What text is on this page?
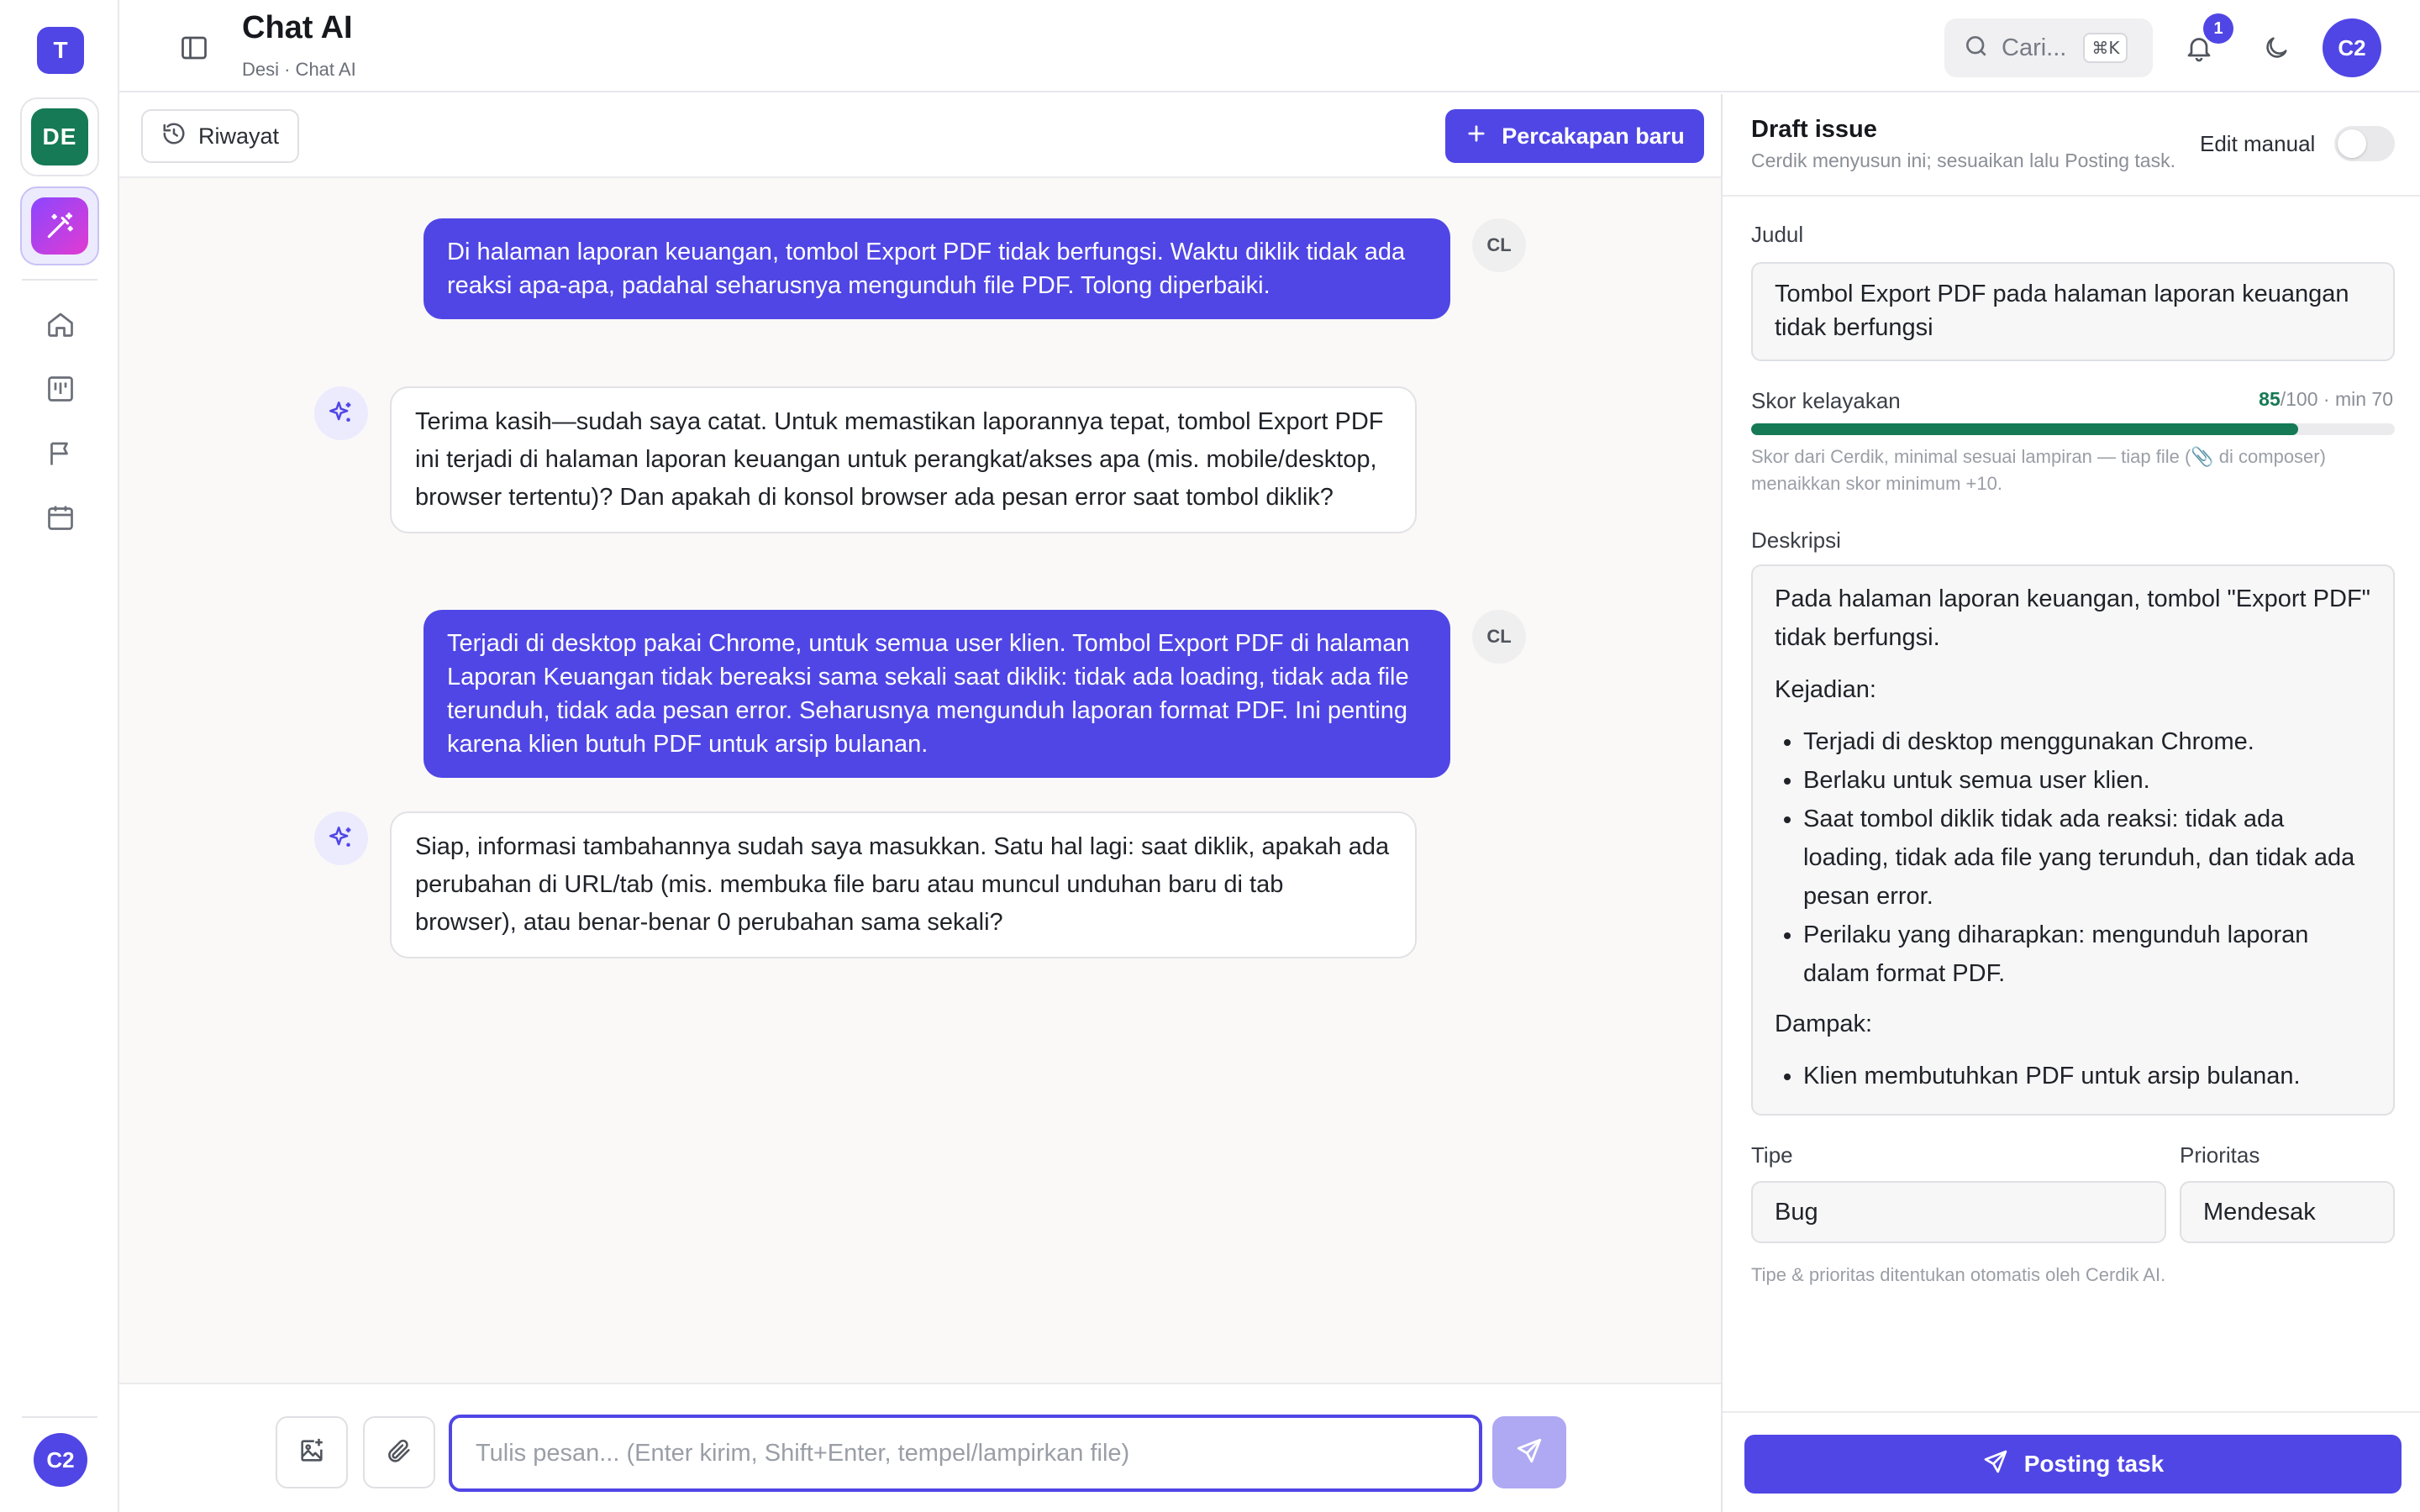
T
DE
C2
Chat AI
Desi · Chat AI
Cari...	⌘K
1
C2
Riwayat	Percakapan baru
Di halaman laporan keuangan, tombol Export PDF tidak berfungsi. Waktu diklik tidak ada reaksi apa-apa, padahal seharusnya mengunduh file PDF. Tolong diperbaiki.
CL
Terima kasih—sudah saya catat. Untuk memastikan laporannya tepat, tombol Export PDF ini terjadi di halaman laporan keuangan untuk perangkat/akses apa (mis. mobile/desktop, browser tertentu)? Dan apakah di konsol browser ada pesan error saat tombol diklik?
Terjadi di desktop pakai Chrome, untuk semua user klien. Tombol Export PDF di halaman Laporan Keuangan tidak bereaksi sama sekali saat diklik: tidak ada loading, tidak ada file terunduh, tidak ada pesan error. Seharusnya mengunduh laporan format PDF. Ini penting karena klien butuh PDF untuk arsip bulanan.
CL
Siap, informasi tambahannya sudah saya masukkan. Satu hal lagi: saat diklik, apakah ada perubahan di URL/tab (mis. membuka file baru atau muncul unduhan baru di tab browser), atau benar-benar 0 perubahan sama sekali?
Tulis pesan... (Enter kirim, Shift+Enter, tempel/lampirkan file)
Draft issue
Cerdik menyusun ini; sesuaikan lalu Posting task.
Edit manual
Judul
Tombol Export PDF pada halaman laporan keuangan tidak berfungsi
Skor kelayakan	85/100 · min 70
Skor dari Cerdik, minimal sesuai lampiran — tiap file (📎 di composer) menaikkan skor minimum +10.
Deskripsi

Pada halaman laporan keuangan, tombol "Export PDF" tidak berfungsi.

Kejadian:

• Terjadi di desktop menggunakan Chrome.
• Berlaku untuk semua user klien.
• Saat tombol diklik tidak ada reaksi: tidak ada loading, tidak ada file yang terunduh, dan tidak ada pesan error.
• Perilaku yang diharapkan: mengunduh laporan dalam format PDF.

Dampak:

• Klien membutuhkan PDF untuk arsip bulanan.
Tipe
Bug
Prioritas
Mendesak
Tipe & prioritas ditentukan otomatis oleh Cerdik AI.
Posting task
